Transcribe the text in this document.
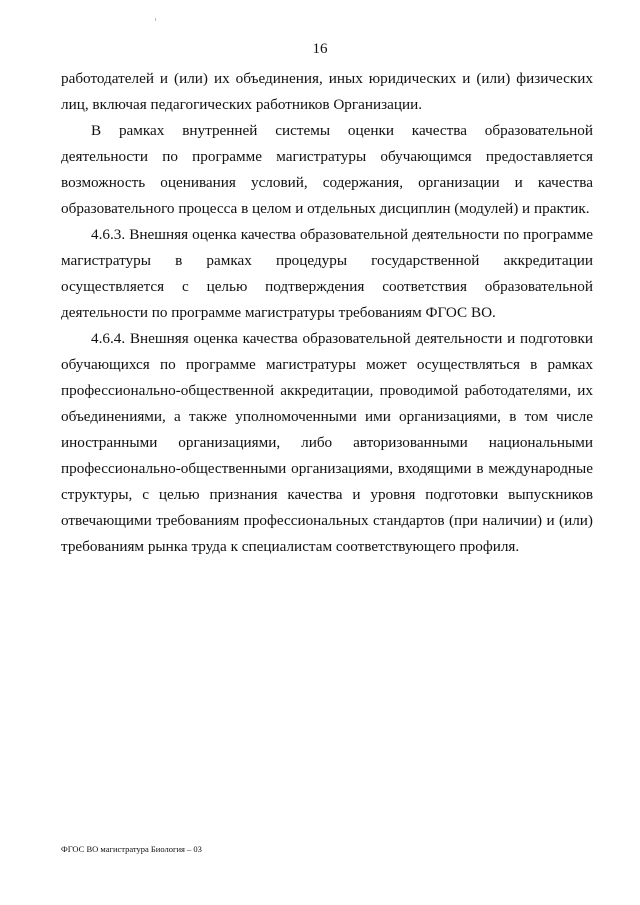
16

работодателей и (или) их объединения, иных юридических и (или) физических лиц, включая педагогических работников Организации.

В рамках внутренней системы оценки качества образовательной деятельности по программе магистратуры обучающимся предоставляется возможность оценивания условий, содержания, организации и качества образовательного процесса в целом и отдельных дисциплин (модулей) и практик.

4.6.3. Внешняя оценка качества образовательной деятельности по программе магистратуры в рамках процедуры государственной аккредитации осуществляется с целью подтверждения соответствия образовательной деятельности по программе магистратуры требованиям ФГОС ВО.

4.6.4. Внешняя оценка качества образовательной деятельности и подготовки обучающихся по программе магистратуры может осуществляться в рамках профессионально-общественной аккредитации, проводимой работодателями, их объединениями, а также уполномоченными ими организациями, в том числе иностранными организациями, либо авторизованными национальными профессионально-общественными организациями, входящими в международные структуры, с целью признания качества и уровня подготовки выпускников отвечающими требованиям профессиональных стандартов (при наличии) и (или) требованиям рынка труда к специалистам соответствующего профиля.

ФГОС ВО магистратура Биология – 03
